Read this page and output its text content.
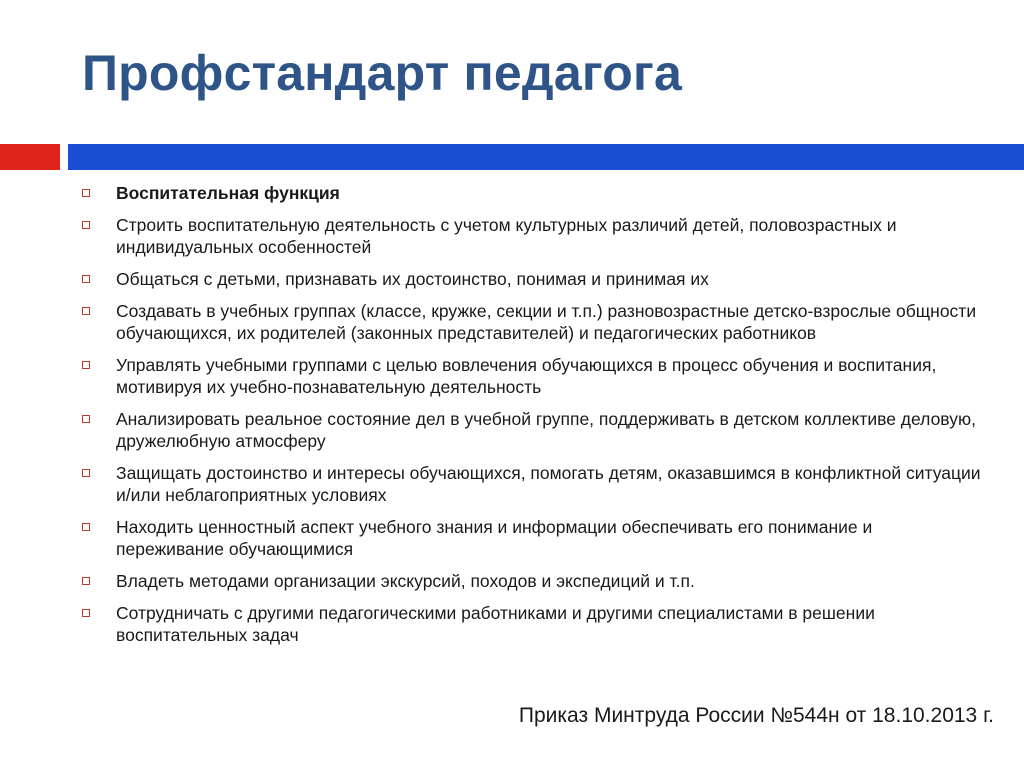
Профстандарт педагога
Воспитательная функция
Строить воспитательную деятельность с учетом культурных различий детей, половозрастных и индивидуальных особенностей
Общаться с детьми, признавать их достоинство, понимая и принимая их
Создавать в учебных группах (классе, кружке, секции и т.п.) разновозрастные детско-взрослые общности обучающихся, их родителей (законных представителей) и педагогических работников
Управлять учебными группами с целью вовлечения обучающихся в процесс обучения и воспитания, мотивируя их учебно-познавательную деятельность
Анализировать реальное состояние дел в учебной группе, поддерживать в детском коллективе деловую, дружелюбную атмосферу
Защищать достоинство и интересы обучающихся, помогать детям, оказавшимся в конфликтной ситуации и/или неблагоприятных условиях
Находить ценностный аспект учебного знания и информации обеспечивать его понимание и переживание обучающимися
Владеть методами организации экскурсий, походов и экспедиций и т.п.
Сотрудничать с другими педагогическими работниками и другими специалистами в решении воспитательных задач
Приказ Минтруда России №544н от 18.10.2013 г.
